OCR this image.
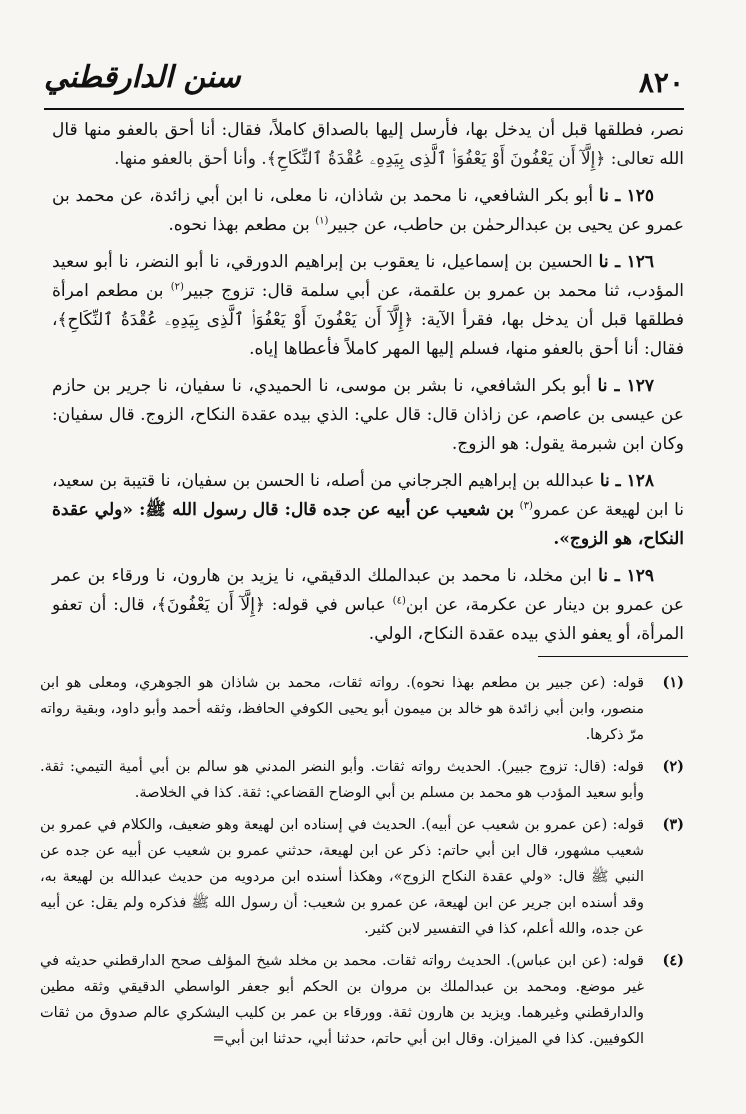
٨٢٠
سنن الدارقطني

نصر، فطلقها قبل أن يدخل بها، فأرسل إليها بالصداق كاملاً، فقال: أنا أحق بالعفو منها قال الله تعالى: ﴿إِلَّآ أَن يَعْفُونَ أَوْ يَعْفُوَا۟ ٱلَّذِى بِيَدِهِۦ عُقْدَةُ ٱلنِّكَاحِ﴾. وأنا أحق بالعفو منها.

١٢٥ ـ نا أبو بكر الشافعي، نا محمد بن شاذان، نا معلى، نا ابن أبي زائدة، عن محمد بن عمرو عن يحيى بن عبدالرحمٰن بن حاطب، عن جبير$^{(١)}$ بن مطعم بهذا نحوه.

١٢٦ ـ نا الحسين بن إسماعيل، نا يعقوب بن إبراهيم الدورقي، نا أبو النضر، نا أبو سعيد المؤدب، ثنا محمد بن عمرو بن علقمة، عن أبي سلمة قال: تزوج جبير$^{(٢)}$ بن مطعم امرأة فطلقها قبل أن يدخل بها، فقرأ الآية: ﴿إِلَّآ أَن يَعْفُونَ أَوْ يَعْفُوَا۟ ٱلَّذِى بِيَدِهِۦ عُقْدَةُ ٱلنِّكَاحِ﴾، فقال: أنا أحق بالعفو منها، فسلم إليها المهر كاملاً فأعطاها إياه.

١٢٧ ـ نا أبو بكر الشافعي، نا بشر بن موسى، نا الحميدي، نا سفيان، نا جرير بن حازم عن عيسى بن عاصم، عن زاذان قال: قال علي: الذي بيده عقدة النكاح، الزوج. قال سفيان: وكان ابن شبرمة يقول: هو الزوج.

١٢٨ ـ نا عبدالله بن إبراهيم الجرجاني من أصله، نا الحسن بن سفيان، نا قتيبة بن سعيد، نا ابن لهيعة عن عمرو$^{(٣)}$ بن شعيب عن أبيه عن جده قال: قال رسول الله ﷺ: «ولي عقدة النكاح، هو الزوج».

١٢٩ ـ نا ابن مخلد، نا محمد بن عبدالملك الدقيقي، نا يزيد بن هارون، نا ورقاء بن عمر عن عمرو بن دينار عن عكرمة، عن ابن$^{(٤)}$ عباس في قوله: ﴿إِلَّآ أَن يَعْفُونَ﴾، قال: أن تعفو المرأة، أو يعفو الذي بيده عقدة النكاح، الولي.

(١)
قوله: (عن جبير بن مطعم بهذا نحوه). رواته ثقات، محمد بن شاذان هو الجوهري، ومعلى هو ابن منصور، وابن أبي زائدة هو خالد بن ميمون أبو يحيى الكوفي الحافظ، وثقه أحمد وأبو داود، وبقية رواته مرّ ذكرها.
(٢)
قوله: (قال: تزوج جبير). الحديث رواته ثقات. وأبو النضر المدني هو سالم بن أبي أمية التيمي: ثقة. وأبو سعيد المؤدب هو محمد بن مسلم بن أبي الوضاح القضاعي: ثقة. كذا في الخلاصة.
(٣)
قوله: (عن عمرو بن شعيب عن أبيه). الحديث في إسناده ابن لهيعة وهو ضعيف، والكلام في عمرو بن شعيب مشهور، قال ابن أبي حاتم: ذكر عن ابن لهيعة، حدثني عمرو بن شعيب عن أبيه عن جده عن النبي ﷺ قال: «ولي عقدة النكاح الزوج»، وهكذا أسنده ابن مردويه من حديث عبدالله بن لهيعة به، وقد أسنده ابن جرير عن ابن لهيعة، عن عمرو بن شعيب: أن رسول الله ﷺ فذكره ولم يقل: عن أبيه عن جده، والله أعلم، كذا في التفسير لابن كثير.
(٤)
قوله: (عن ابن عباس). الحديث رواته ثقات. محمد بن مخلد شيخ المؤلف صحح الدارقطني حديثه في غير موضع. ومحمد بن عبدالملك بن مروان بن الحكم أبو جعفر الواسطي الدقيقي وثقه مطين والدارقطني وغيرهما. ويزيد بن هارون ثقة. وورقاء بن عمر بن كليب اليشكري عالم صدوق من ثقات الكوفيين. كذا في الميزان. وقال ابن أبي حاتم، حدثنا أبي، حدثنا ابن أبي=
